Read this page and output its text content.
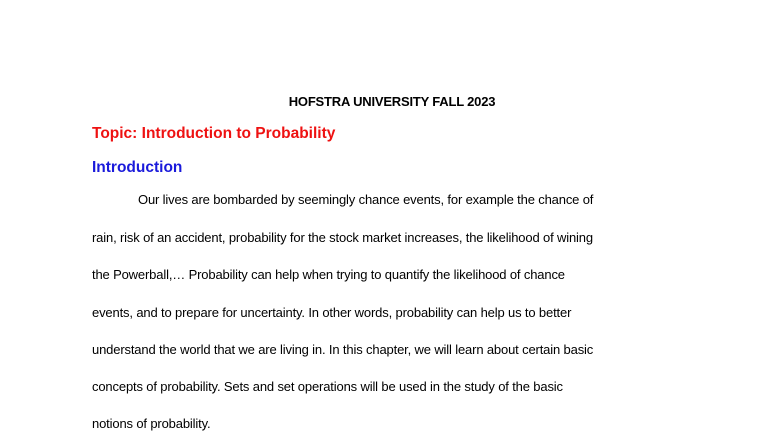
HOFSTRA UNIVERSITY FALL 2023
Topic: Introduction to Probability
Introduction
Our lives are bombarded by seemingly chance events, for example the chance of
rain, risk of an accident, probability for the stock market increases, the likelihood of wining
the Powerball,… Probability can help when trying to quantify the likelihood of chance
events, and to prepare for uncertainty. In other words, probability can help us to better
understand the world that we are living in. In this chapter, we will learn about certain basic
concepts of probability. Sets and set operations will be used in the study of the basic
notions of probability.
